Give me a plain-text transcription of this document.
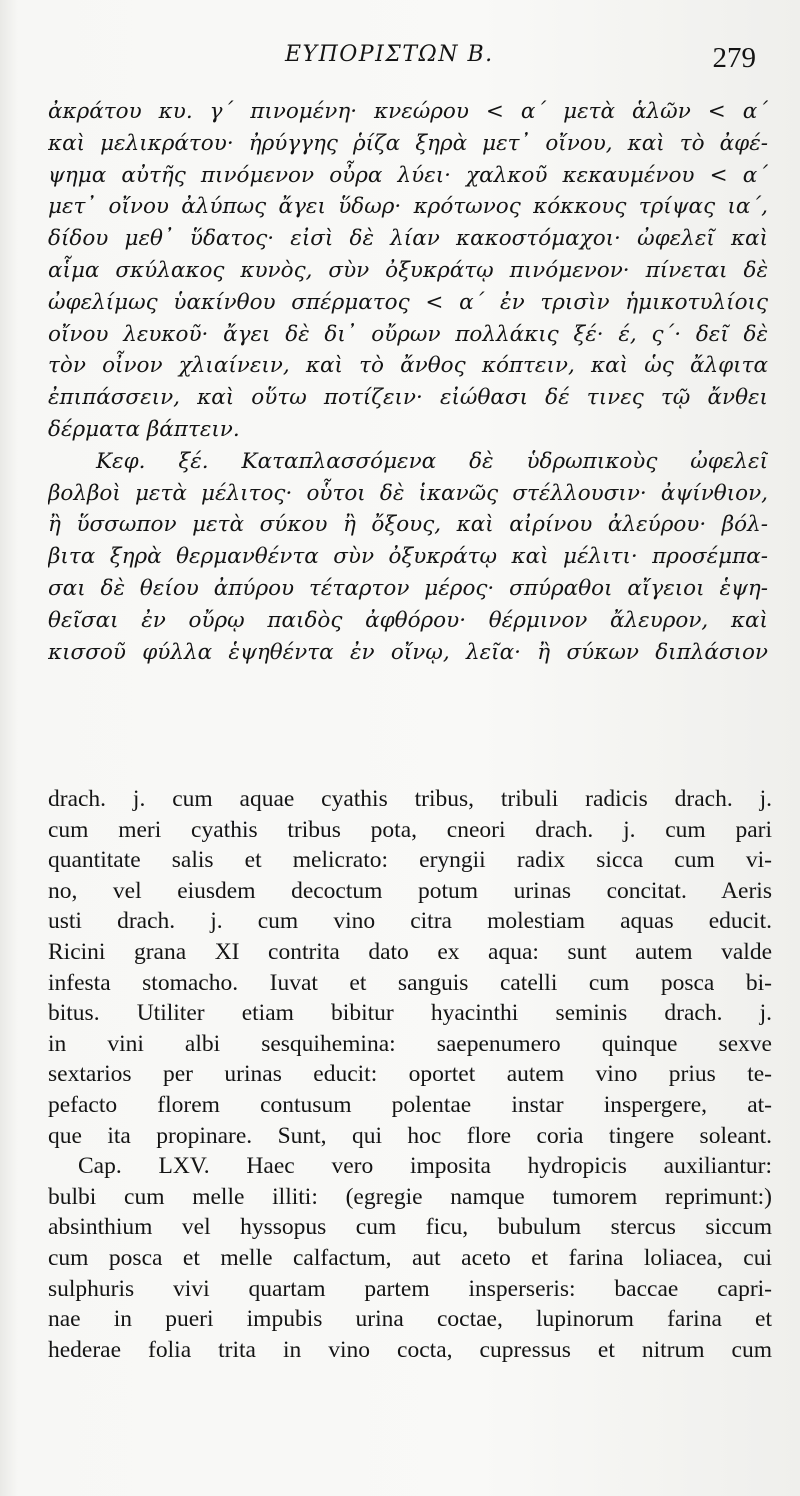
ΕΥΠΟΡΙΣΤΩΝ Β.	279
ἀκράτου κυ. γ΄ πινομένη· κνεώρου < α΄ μετὰ ἁλῶν < α΄
καὶ μελικράτου· ἠρύγγης ῥίζα ξηρὰ μετ᾿ οἴνου, καὶ τὸ ἀφέ-
ψημα αὐτῆς πινόμενον οὖρα λύει· χαλκοῦ κεκαυμένου < α΄
μετ᾿ οἴνου ἀλύπως ἄγει ὕδωρ· κρότωνος κόκκους τρίψας ια΄,
δίδου μεθ᾿ ὕδατος· εἰσὶ δὲ λίαν κακοστόμαχοι· ὠφελεῖ καὶ
αἷμα σκύλακος κυνὸς, σὺν ὀξυκράτῳ πινόμενον· πίνεται δὲ
ὠφελίμως ὑακίνθου σπέρματος < α΄ ἐν τρισὶν ἡμικοτυλίοις
οἴνου λευκοῦ· ἄγει δὲ δι᾿ οὔρων πολλάκις ξέ· έ, ς΄· δεῖ δὲ
τὸν οἶνον χλιαίνειν, καὶ τὸ ἄνθος κόπτειν, καὶ ὡς ἄλφιτα
ἐπιπάσσειν, καὶ οὕτω ποτίζειν· εἰώθασι δέ τινες τῷ ἄνθει
δέρματα βάπτειν.
Κεφ. ξέ. Καταπλασσόμενα δὲ ὑδρωπικοὺς ὠφελεῖ
βολβοὶ μετὰ μέλιτος· οὗτοι δὲ ἱκανῶς στέλλουσιν· ἀψίνθιον,
ἢ ὕσσωπον μετὰ σύκου ἢ ὄξους, καὶ αἰρίνου ἀλεύρου· βόλ-
βιτα ξηρὰ θερμανθέντα σὺν ὀξυκράτῳ καὶ μέλιτι· προσέμπα-
σαι δὲ θείου ἀπύρου τέταρτον μέρος· σπύραθοι αἴγειοι ἑψη-
θεῖσαι ἐν οὔρῳ παιδὸς ἀφθόρου· θέρμινον ἄλευρον, καὶ
κισσοῦ φύλλα ἑψηθέντα ἐν οἴνῳ, λεῖα· ἢ σύκων διπλάσιον
drach. j. cum aquae cyathis tribus, tribuli radicis drach. j.
cum meri cyathis tribus pota, cneori drach. j. cum pari
quantitate salis et melicrato: eryngii radix sicca cum vi-
no, vel eiusdem decoctum potum urinas concitat. Aeris
usti drach. j. cum vino citra molestiam aquas educit.
Ricini grana XI contrita dato ex aqua: sunt autem valde
infesta stomacho. Iuvat et sanguis catelli cum posca bi-
bitus. Utiliter etiam bibitur hyacinthi seminis drach. j.
in vini albi sesquihemina: saepenumero quinque sexve
sextarios per urinas educit: oportet autem vino prius te-
pefacto florem contusum polentae instar inspergere, at-
que ita propinare. Sunt, qui hoc flore coria tingere soleant.
Cap. LXV. Haec vero imposita hydropicis auxiliantur:
bulbi cum melle illiti: (egregie namque tumorem reprimunt:)
absinthium vel hyssopus cum ficu, bubulum stercus siccum
cum posca et melle calfactum, aut aceto et farina loliacea, cui
sulphuris vivi quartam partem insperseris: baccae capri-
nae in pueri impubis urina coctae, lupinorum farina et
hederae folia trita in vino cocta, cupressus et nitrum cum
